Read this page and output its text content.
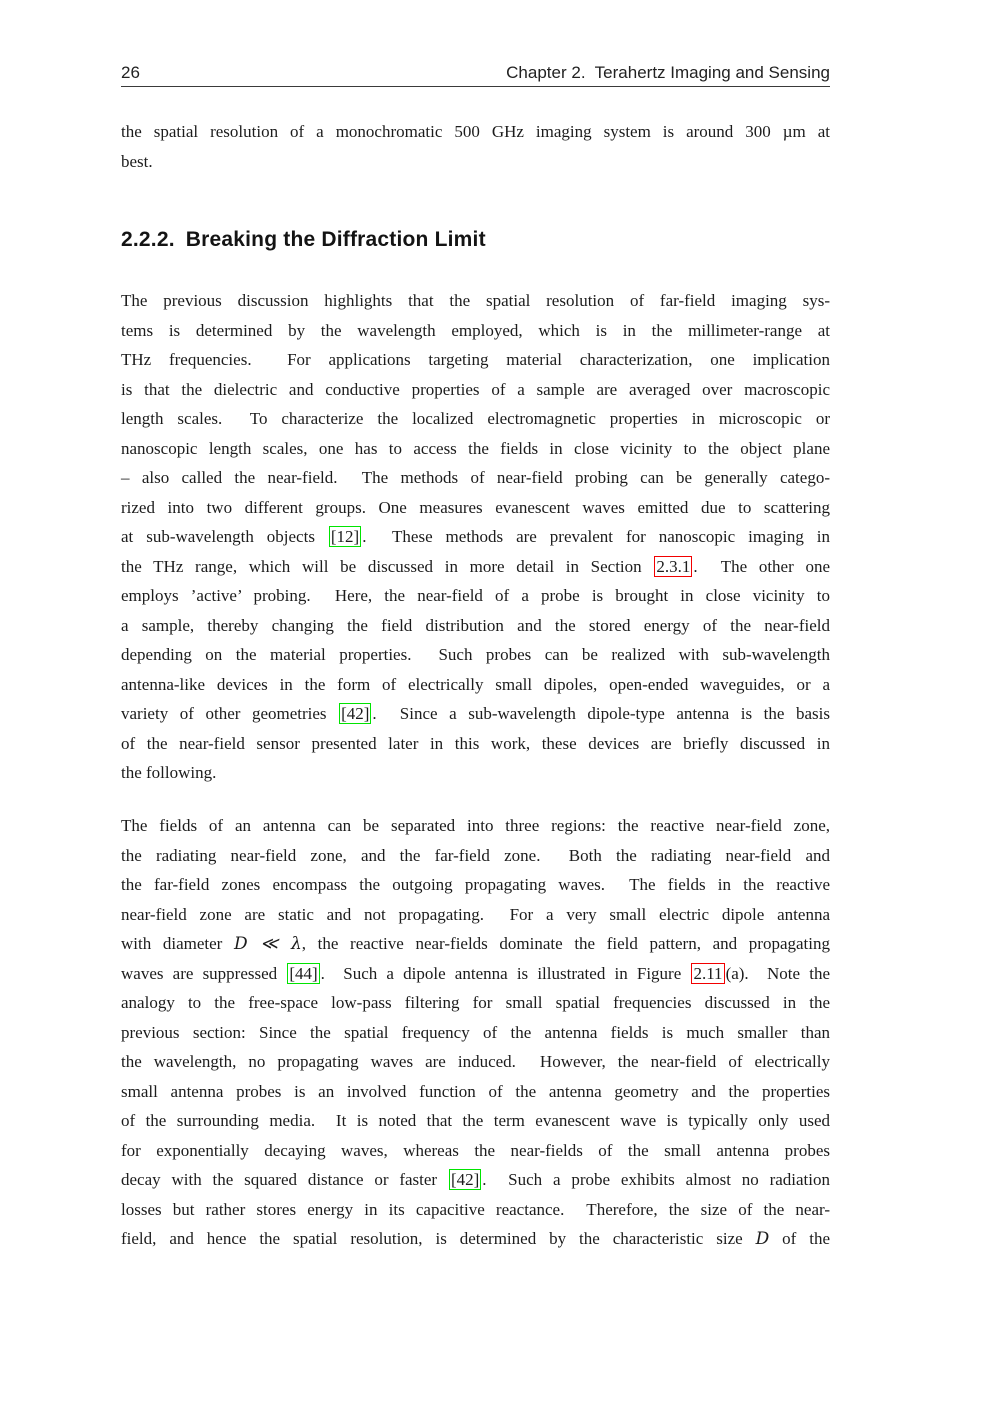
26	Chapter 2.  Terahertz Imaging and Sensing
the spatial resolution of a monochromatic 500 GHz imaging system is around 300 µm at
best.
2.2.2. Breaking the Diffraction Limit
The previous discussion highlights that the spatial resolution of far-field imaging sys-
tems is determined by the wavelength employed, which is in the millimeter-range at
THz frequencies.  For applications targeting material characterization, one implication
is that the dielectric and conductive properties of a sample are averaged over macroscopic
length scales.  To characterize the localized electromagnetic properties in microscopic or
nanoscopic length scales, one has to access the fields in close vicinity to the object plane
– also called the near-field.  The methods of near-field probing can be generally catego-
rized into two different groups. One measures evanescent waves emitted due to scattering
at sub-wavelength objects [12] .  These methods are prevalent for nanoscopic imaging in
the THz range, which will be discussed in more detail in Section 2.3.1 .  The other one
employs ’active’ probing.  Here, the near-field of a probe is brought in close vicinity to
a sample, thereby changing the field distribution and the stored energy of the near-field
depending on the material properties.  Such probes can be realized with sub-wavelength
antenna-like devices in the form of electrically small dipoles, open-ended waveguides, or a
variety of other geometries [42] .  Since a sub-wavelength dipole-type antenna is the basis
of the near-field sensor presented later in this work, these devices are briefly discussed in
the following.
The fields of an antenna can be separated into three regions: the reactive near-field zone,
the radiating near-field zone, and the far-field zone.  Both the radiating near-field and
the far-field zones encompass the outgoing propagating waves.  The fields in the reactive
near-field zone are static and not propagating.  For a very small electric dipole antenna
with diameter D ≪ λ, the reactive near-fields dominate the field pattern, and propagating
waves are suppressed [44] .  Such a dipole antenna is illustrated in Figure 2.11 (a).  Note the
analogy to the free-space low-pass filtering for small spatial frequencies discussed in the
previous section: Since the spatial frequency of the antenna fields is much smaller than
the wavelength, no propagating waves are induced.  However, the near-field of electrically
small antenna probes is an involved function of the antenna geometry and the properties
of the surrounding media.  It is noted that the term evanescent wave is typically only used
for exponentially decaying waves, whereas the near-fields of the small antenna probes
decay with the squared distance or faster [42] .  Such a probe exhibits almost no radiation
losses but rather stores energy in its capacitive reactance.  Therefore, the size of the near-
field, and hence the spatial resolution, is determined by the characteristic size D of the
